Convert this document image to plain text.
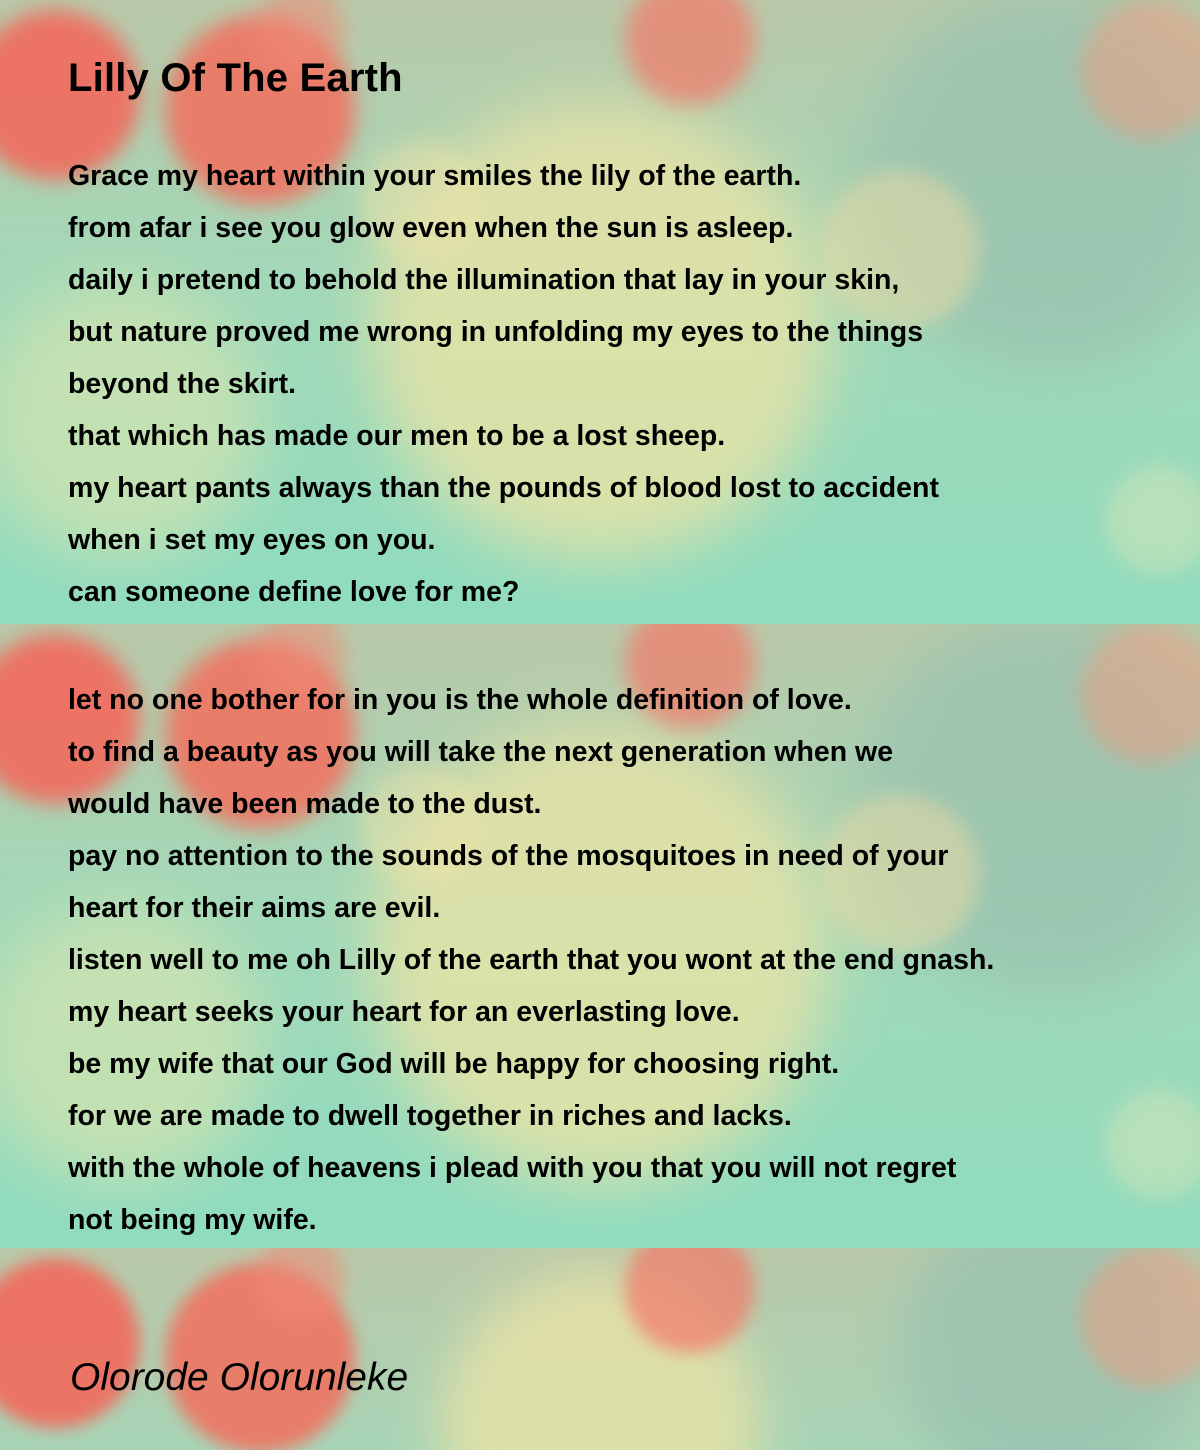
Lilly Of The Earth
Grace my heart within your smiles the lily of the earth.
from afar i see you glow even when the sun is asleep.
daily i pretend to behold the illumination that lay in your skin,
but nature proved me wrong in unfolding my eyes to the things
beyond the skirt.
that which has made our men to be a lost sheep.
my heart pants always than the pounds of blood lost to accident
when i set my eyes on you.
can someone define love for me?
let no one bother for in you is the whole definition of love.
to find a beauty as you will take the next generation when we
would have been made to the dust.
pay no attention to the sounds of the mosquitoes in need of your
heart for their aims are evil.
listen well to me oh Lilly of the earth that you wont at the end gnash.
my heart seeks your heart for an everlasting love.
be my wife that our God will be happy for choosing right.
for we are made to dwell together in riches and lacks.
with the whole of heavens i plead with you that you will not regret
not being my wife.

Olorode Olorunleke
